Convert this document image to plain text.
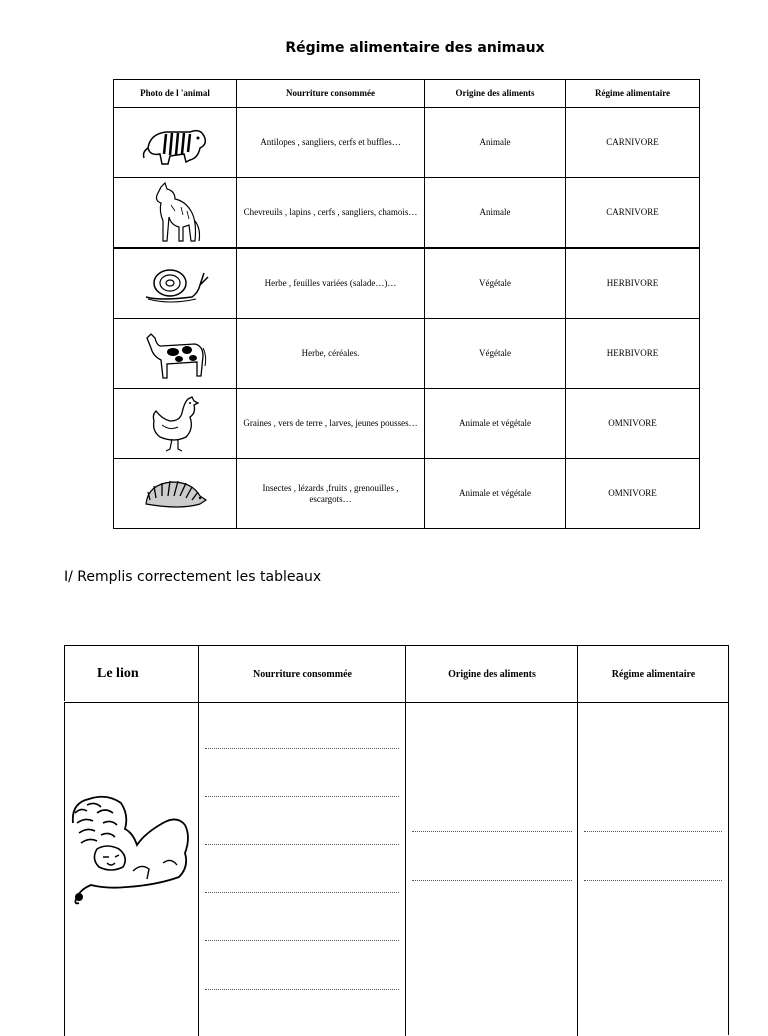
Régime alimentaire des animaux
Photo de l 'animal	Nourriture consommée	Origine des aliments	Régime alimentaire

	Antilopes , sangliers, cerfs et buffles…	Animale	CARNIVORE

	Chevreuils , lapins , cerfs , sangliers, chamois…	Animale	CARNIVORE

	Herbe , feuilles variées (salade…)…	Végétale	HERBIVORE

	Herbe, céréales.	Végétale	HERBIVORE

	Graines , vers de terre , larves, jeunes pousses…	Animale et végétale	OMNIVORE

	Insectes , lézards ,fruits , grenouilles , escargots…	Animale et végétale	OMNIVORE
I/ Remplis correctement les tableaux
Le lion	Nourriture consommée	Origine des aliments	Régime alimentaire
